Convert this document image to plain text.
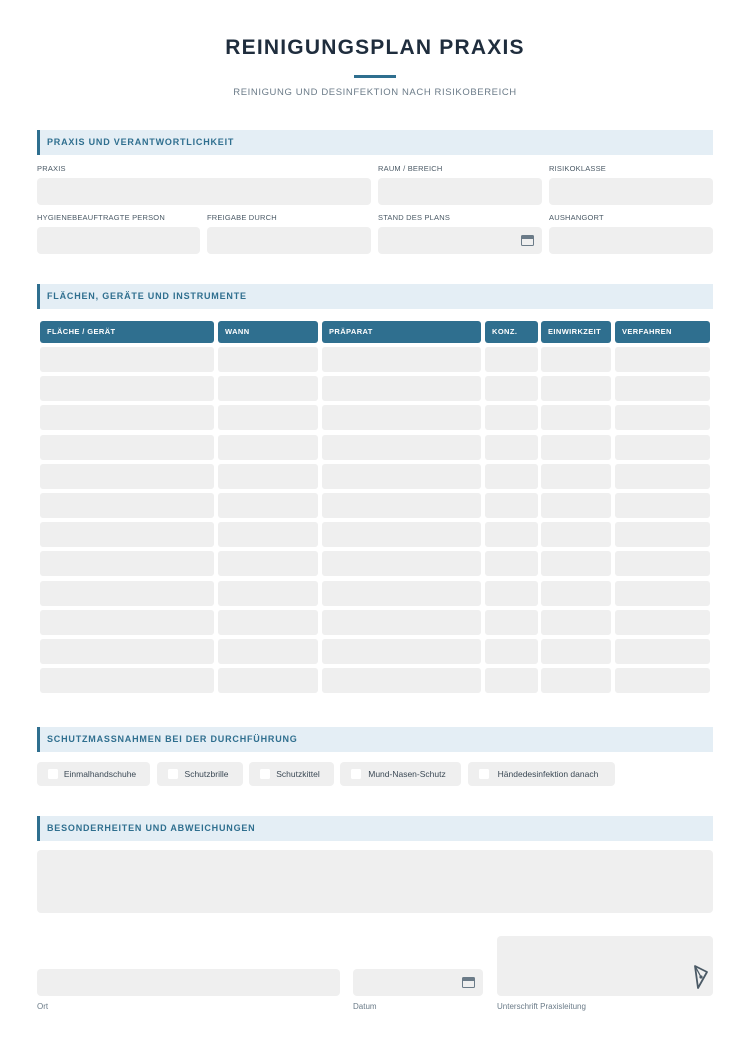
REINIGUNGSPLAN PRAXIS
REINIGUNG UND DESINFEKTION NACH RISIKOBEREICH
PRAXIS UND VERANTWORTLICHKEIT
PRAXIS	RAUM / BEREICH	RISIKOKLASSE
HYGIENEBEAUFTRAGTE PERSON	FREIGABE DURCH	STAND DES PLANS	AUSHANGORT
FLÄCHEN, GERÄTE UND INSTRUMENTE
FLÄCHE / GERÄT	WANN	PRÄPARAT	KONZ.	EINWIRKZEIT	VERFAHREN
SCHUTZMASSNAHMEN BEI DER DURCHFÜHRUNG
Einmalhandschuhe	Schutzbrille	Schutzkittel	Mund-Nasen-Schutz	Händedesinfektion danach
BESONDERHEITEN UND ABWEICHUNGEN
Ort	Datum	Unterschrift Praxisleitung
